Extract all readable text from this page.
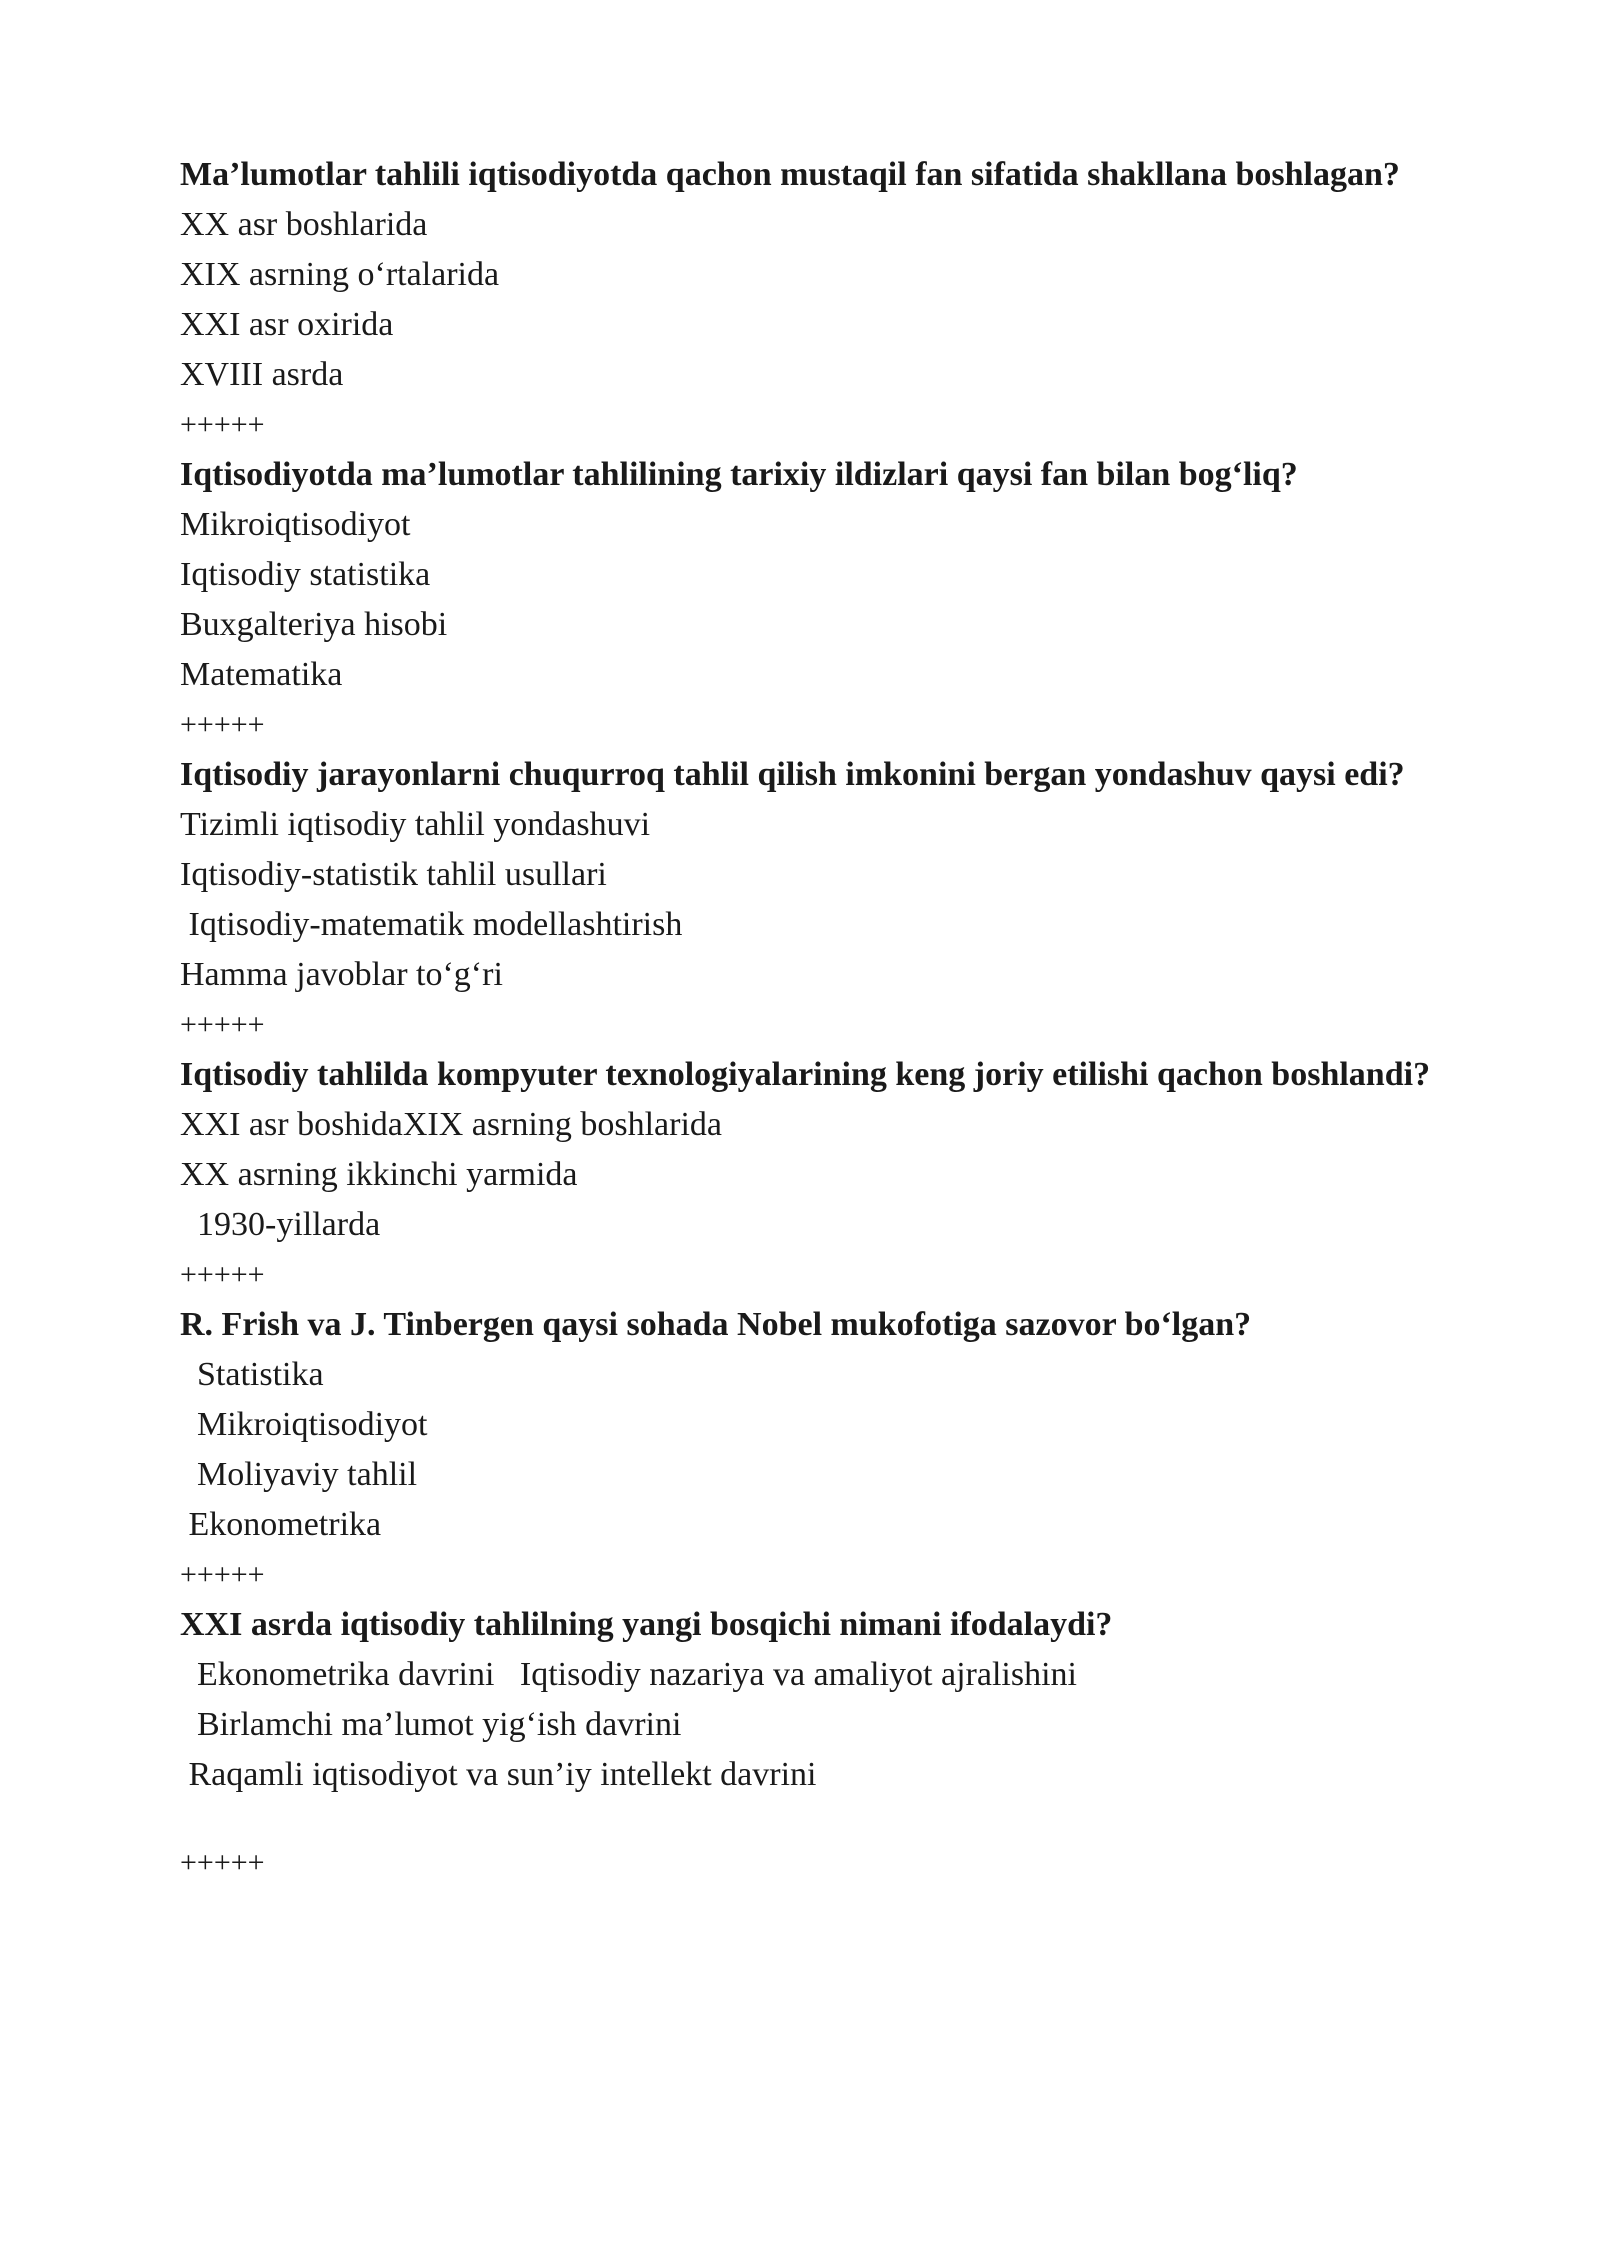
Ma’lumotlar tahlili iqtisodiyotda qachon mustaqil fan sifatida shakllana boshlagan?

XX asr boshlarida

XIX asrning o‘rtalarida

XXI asr oxirida

XVIII asrda

+++++

Iqtisodiyotda ma’lumotlar tahlilining tarixiy ildizlari qaysi fan bilan bog‘liq?

Mikroiqtisodiyot

Iqtisodiy statistika

Buxgalteriya hisobi

Matematika

+++++

Iqtisodiy jarayonlarni chuqurroq tahlil qilish imkonini bergan yondashuv qaysi edi?

Tizimli iqtisodiy tahlil yondashuvi

Iqtisodiy-statistik tahlil usullari

Iqtisodiy-matematik modellashtirish

Hamma javoblar to‘g‘ri

+++++

Iqtisodiy tahlilda kompyuter texnologiyalarining keng joriy etilishi qachon boshlandi?

XXI asr boshidaXIX asrning boshlarida

XX asrning ikkinchi yarmida

1930-yillarda

+++++

R. Frish va J. Tinbergen qaysi sohada Nobel mukofotiga sazovor bo‘lgan?

Statistika

Mikroiqtisodiyot

Moliyaviy tahlil

Ekonometrika

+++++

XXI asrda iqtisodiy tahlilning yangi bosqichi nimani ifodalaydi?

Ekonometrika davrini   Iqtisodiy nazariya va amaliyot ajralishini

Birlamchi ma’lumot yig‘ish davrini

Raqamli iqtisodiyot va sun’iy intellekt davrini

+++++
